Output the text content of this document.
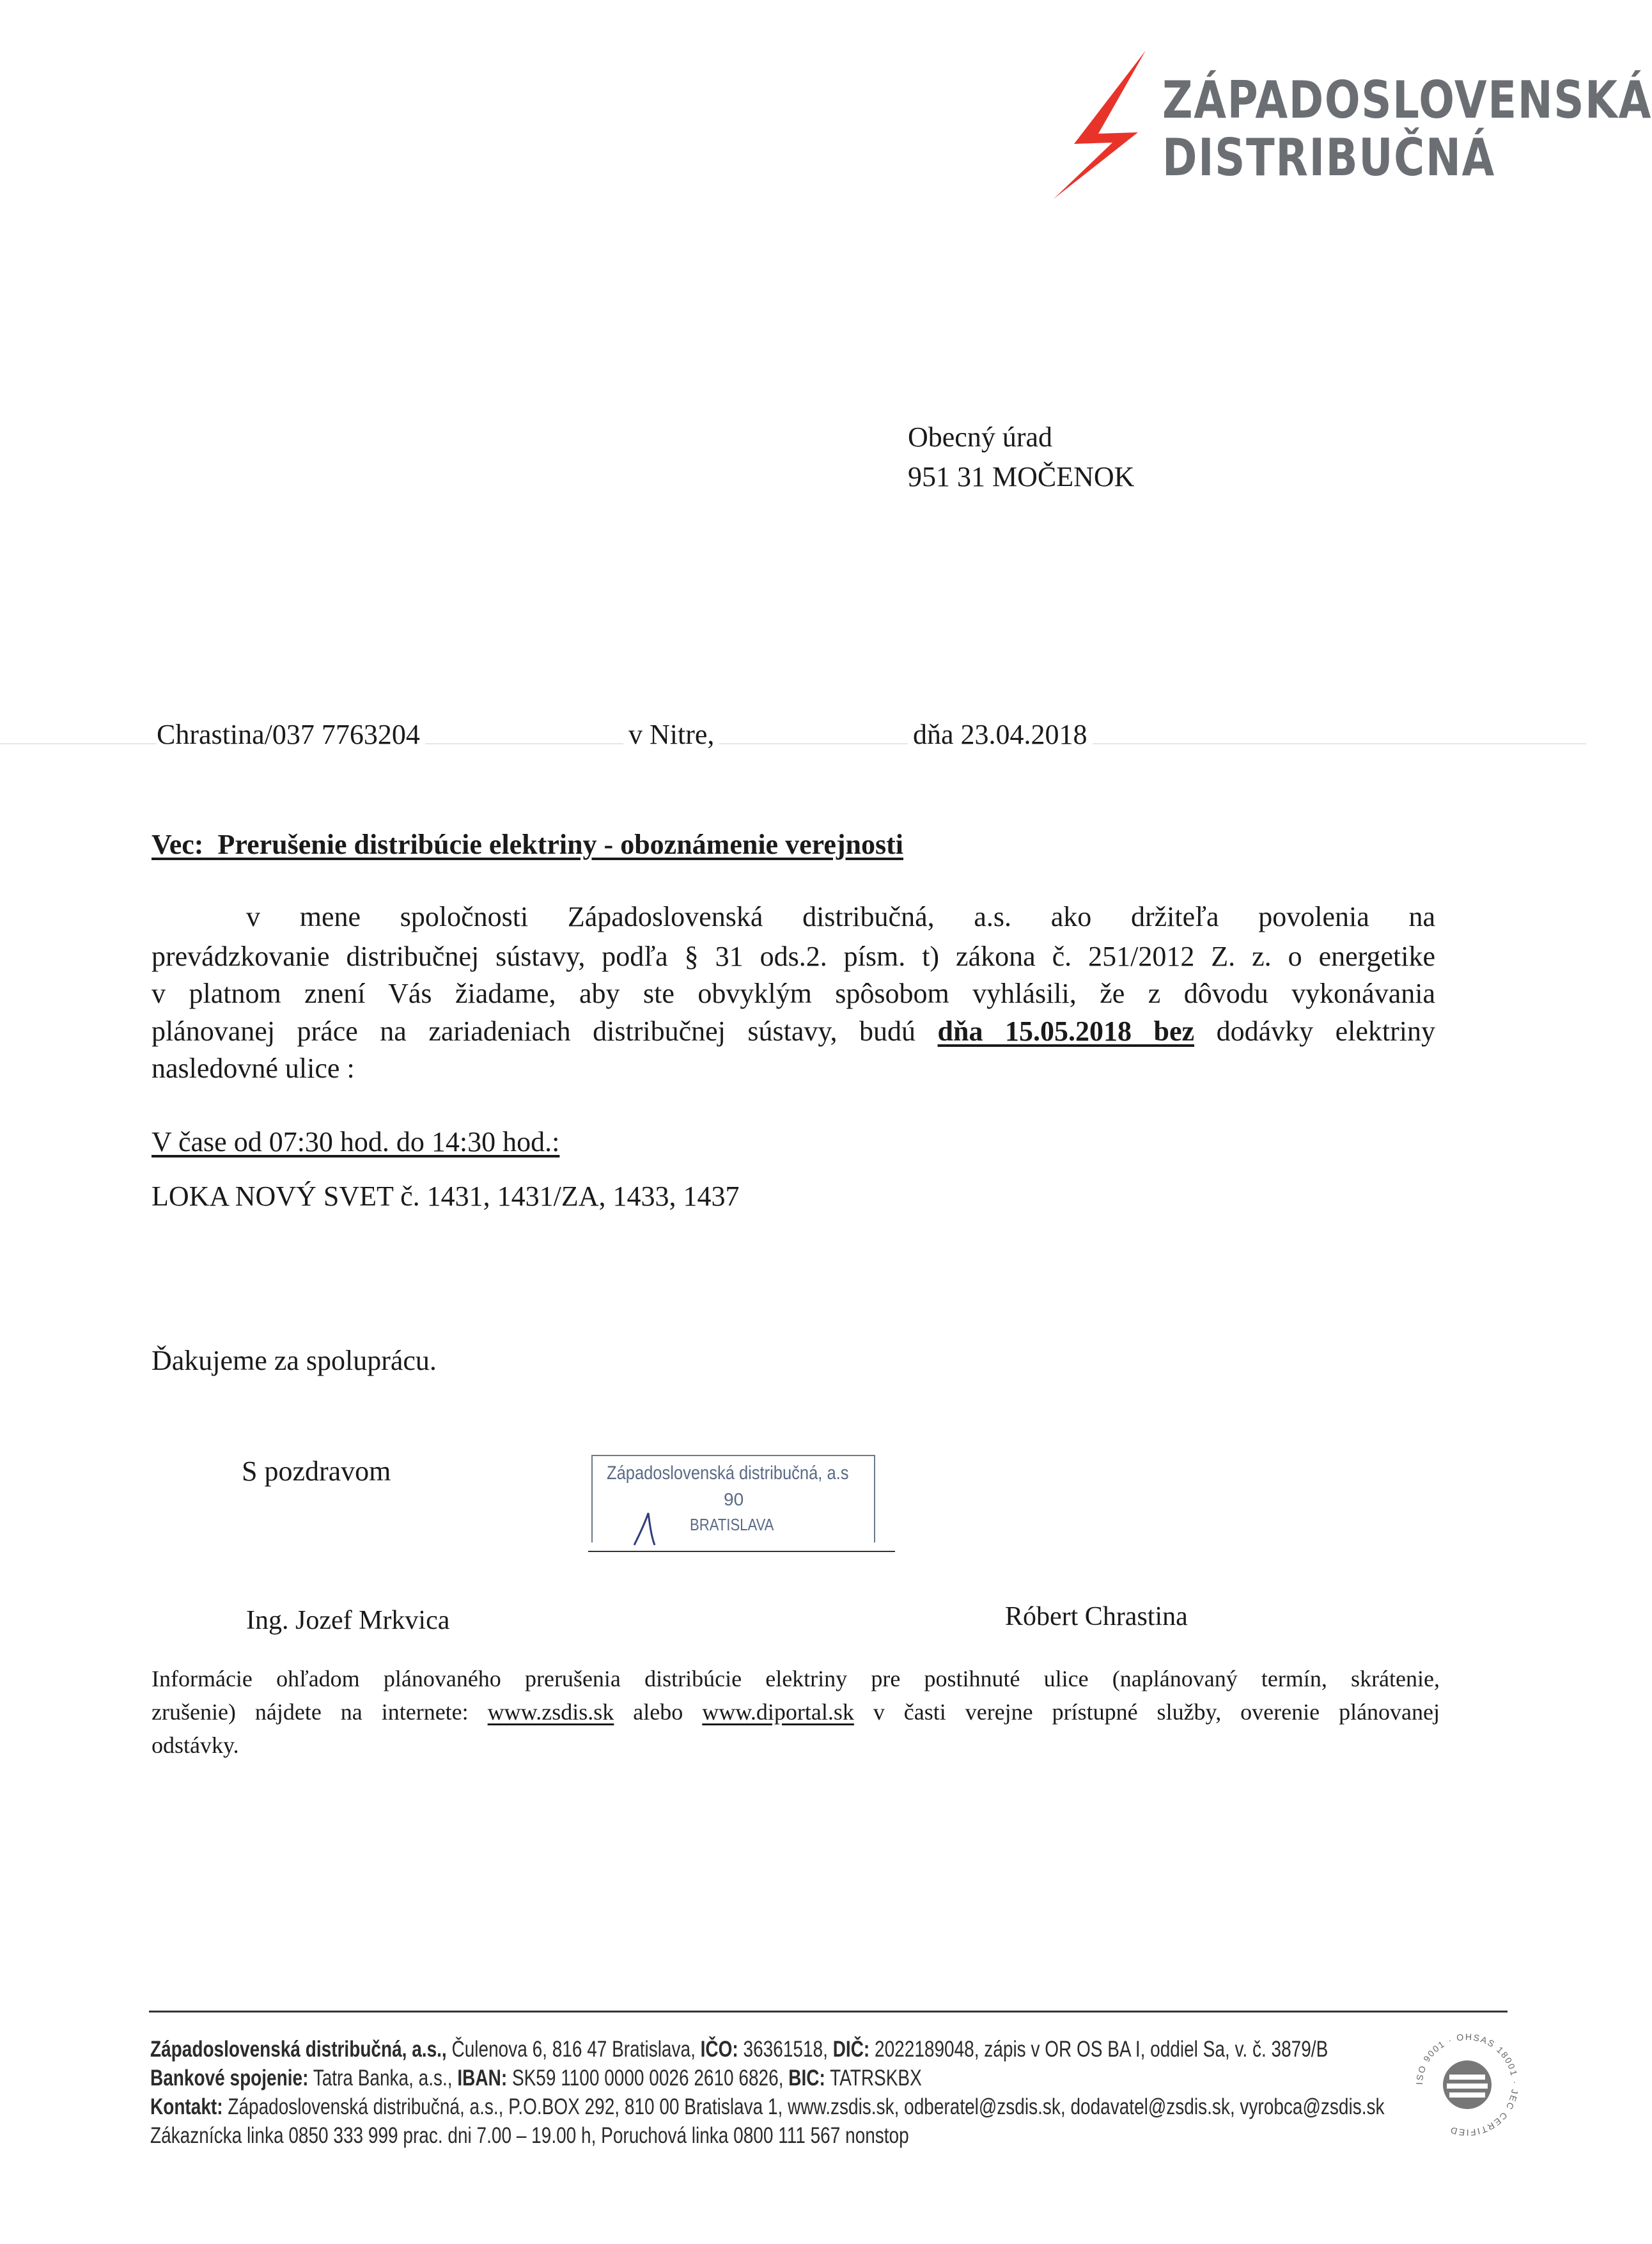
ZÁPADOSLOVENSKÁ
DISTRIBUČNÁ
Obecný úrad
951 31 MOČENOK
Chrastina/037 7763204	v Nitre,	dňa 23.04.2018
Vec: Prerušenie distribúcie elektriny - oboznámenie verejnosti
v mene spoločnosti Západoslovenská distribučná, a.s. ako držiteľa povolenia na
prevádzkovanie distribučnej sústavy, podľa § 31 ods.2. písm. t) zákona č. 251/2012 Z. z. o energetike
v platnom znení Vás žiadame, aby ste obvyklým spôsobom vyhlásili, že z dôvodu vykonávania
plánovanej práce na zariadeniach distribučnej sústavy, budú dňa 15.05.2018 bez dodávky elektriny
nasledovné ulice :
V čase od 07:30 hod. do 14:30 hod.:
LOKA NOVÝ SVET č. 1431, 1431/ZA, 1433, 1437
Ďakujeme za spoluprácu.
S pozdravom	Západoslovenská distribučná, a.s
90
BRATISLAVA
Ing. Jozef Mrkvica	Róbert Chrastina
Informácie ohľadom plánovaného prerušenia distribúcie elektriny pre postihnuté ulice (naplánovaný termín, skrátenie,
zrušenie) nájdete na internete: www.zsdis.sk alebo www.diportal.sk v časti verejne prístupné služby, overenie plánovanej
odstávky.
Západoslovenská distribučná, a.s., Čulenova 6, 816 47 Bratislava, IČO: 36361518, DIČ: 2022189048, zápis v OR OS BA I, oddiel Sa, v. č. 3879/B
Bankové spojenie: Tatra Banka, a.s., IBAN: SK59 1100 0000 0026 2610 6826, BIC: TATRSKBX
Kontakt: Západoslovenská distribučná, a.s., P.O.BOX 292, 810 00 Bratislava 1, www.zsdis.sk, odberatel@zsdis.sk, dodavatel@zsdis.sk, vyrobca@zsdis.sk
Zákaznícka linka 0850 333 999 prac. dni 7.00 – 19.00 h, Poruchová linka 0800 111 567 nonstop
ISO 9001 · OHSAS 18001 · JEC CERTIFIED
